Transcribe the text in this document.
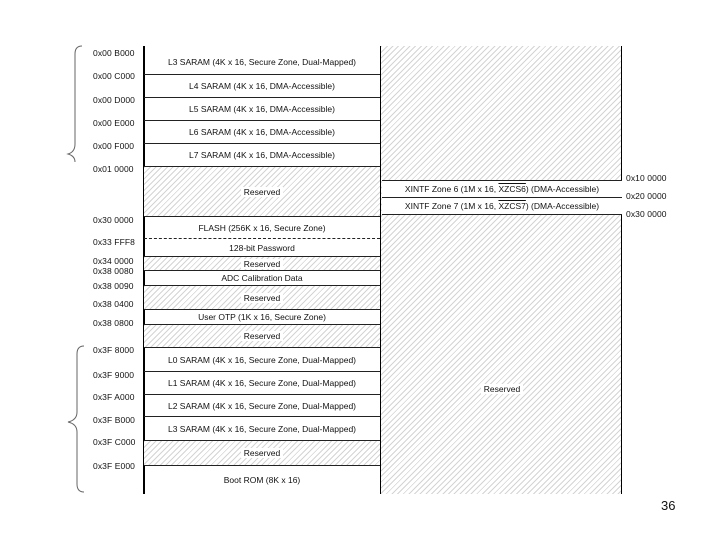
0x00 B000
0x00 C000
0x00 D000
0x00 E000
0x00 F000
0x01 0000
0x30 0000
0x33 FFF8
0x34 0000
0x38 0080
0x38 0090
0x38 0400
0x38 0800
0x3F 8000
0x3F 9000
0x3F A000
0x3F B000
0x3F C000
0x3F E000
L3 SARAM (4K x 16, Secure Zone, Dual-Mapped)
L4 SARAM (4K x 16, DMA-Accessible)
L5 SARAM (4K x 16, DMA-Accessible)
L6 SARAM (4K x 16, DMA-Accessible)
L7 SARAM (4K x 16, DMA-Accessible)
Reserved
FLASH (256K x 16, Secure Zone)
128-bit Password
Reserved
ADC Calibration Data
Reserved
User OTP (1K x 16, Secure Zone)
Reserved
L0 SARAM (4K x 16, Secure Zone, Dual-Mapped)
L1 SARAM (4K x 16, Secure Zone, Dual-Mapped)
L2 SARAM (4K x 16, Secure Zone, Dual-Mapped)
L3 SARAM (4K x 16, Secure Zone, Dual-Mapped)
Reserved
Boot ROM (8K x 16)
XINTF Zone 6 (1M x 16, XZCS6) (DMA-Accessible)
XINTF Zone 7 (1M x 16, XZCS7) (DMA-Accessible)
Reserved
0x10 0000
0x20 0000
0x30 0000
36
